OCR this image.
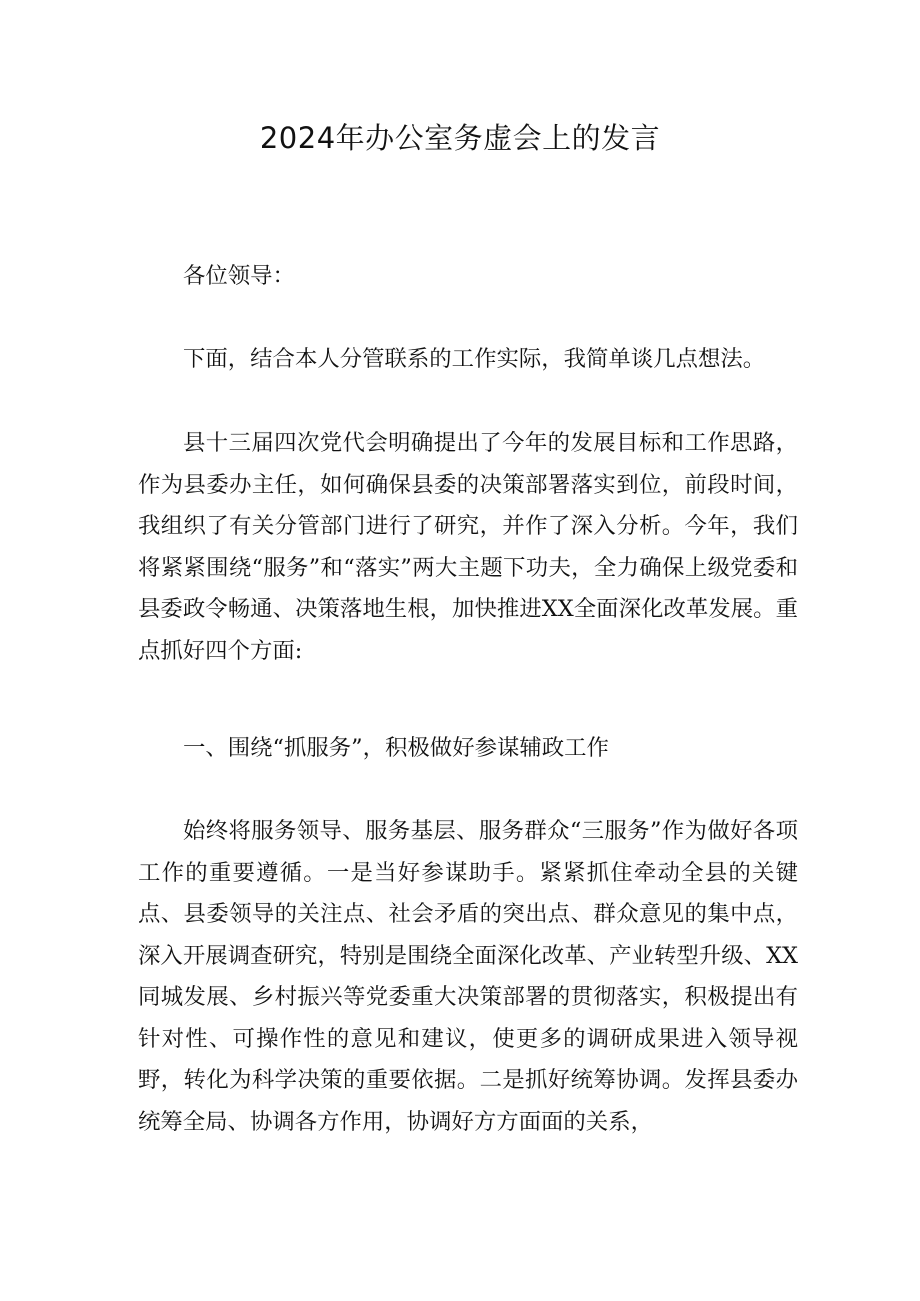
2024年办公室务虚会上的发言

各位领导：

下面，结合本人分管联系的工作实际，我简单谈几点想法。

县十三届四次党代会明确提出了今年的发展目标和工作思路，作为县委办主任，如何确保县委的决策部署落实到位，前段时间，我组织了有关分管部门进行了研究，并作了深入分析。今年，我们将紧紧围绕“服务”和“落实”两大主题下功夫，全力确保上级党委和县委政令畅通、决策落地生根，加快推进XX全面深化改革发展。重点抓好四个方面:

一、围绕“抓服务”，积极做好参谋辅政工作

始终将服务领导、服务基层、服务群众“三服务”作为做好各项工作的重要遵循。一是当好参谋助手。紧紧抓住牵动全县的关键点、县委领导的关注点、社会矛盾的突出点、群众意见的集中点，深入开展调查研究，特别是围绕全面深化改革、产业转型升级、XX同城发展、乡村振兴等党委重大决策部署的贯彻落实，积极提出有针对性、可操作性的意见和建议，使更多的调研成果进入领导视野，转化为科学决策的重要依据。二是抓好统筹协调。发挥县委办统筹全局、协调各方作用，协调好方方面面的关系，
